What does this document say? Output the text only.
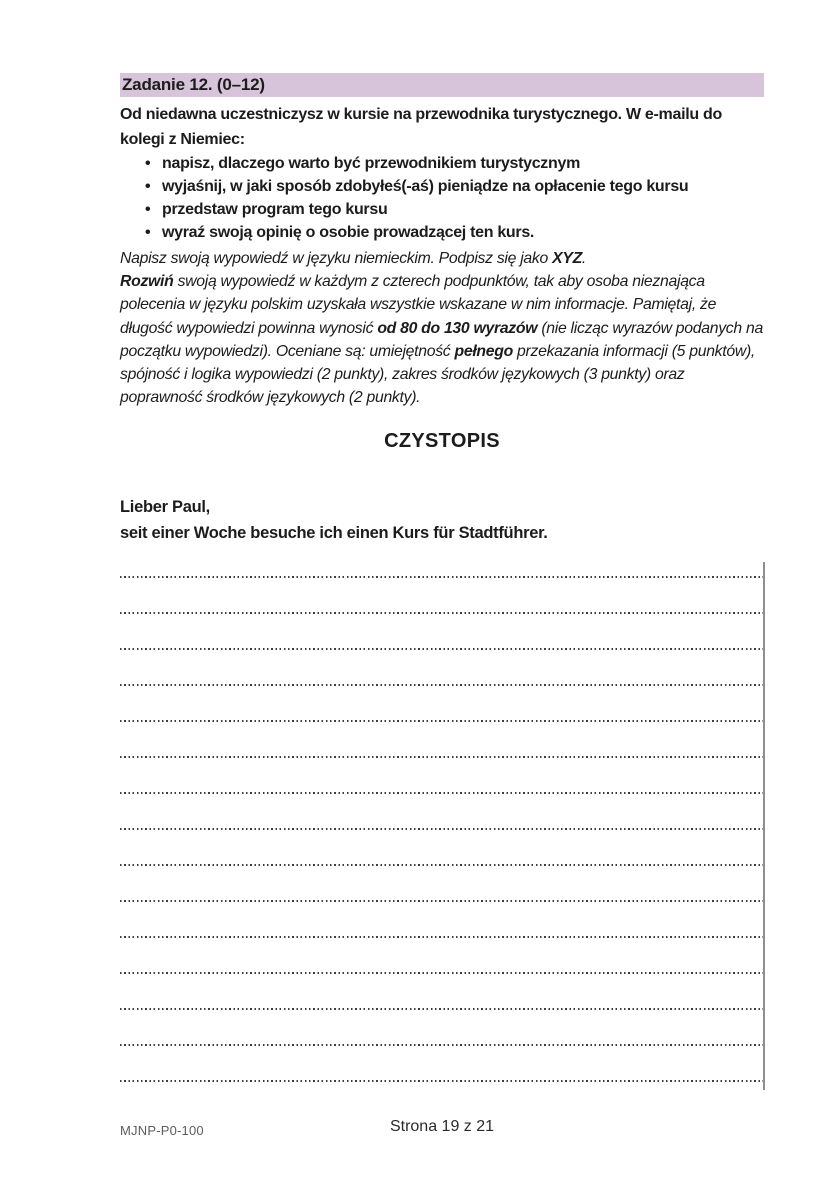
Zadanie 12. (0–12)

Od niedawna uczestniczysz w kursie na przewodnika turystycznego. W e-mailu do kolegi z Niemiec:

• napisz, dlaczego warto być przewodnikiem turystycznym
• wyjaśnij, w jaki sposób zdobyłeś(-aś) pieniądze na opłacenie tego kursu
• przedstaw program tego kursu
• wyraź swoją opinię o osobie prowadzącej ten kurs.

Napisz swoją wypowiedź w języku niemieckim. Podpisz się jako XYZ.

Rozwiń swoją wypowiedź w każdym z czterech podpunktów, tak aby osoba nieznająca polecenia w języku polskim uzyskała wszystkie wskazane w nim informacje. Pamiętaj, że długość wypowiedzi powinna wynosić od 80 do 130 wyrazów (nie licząc wyrazów podanych na początku wypowiedzi). Oceniane są: umiejętność pełnego przekazania informacji (5 punktów), spójność i logika wypowiedzi (2 punkty), zakres środków językowych (3 punkty) oraz poprawność środków językowych (2 punkty).

CZYSTOPIS
Lieber Paul,
seit einer Woche besuche ich einen Kurs für Stadtführer.
MJNP-P0-100	Strona 19 z 21
